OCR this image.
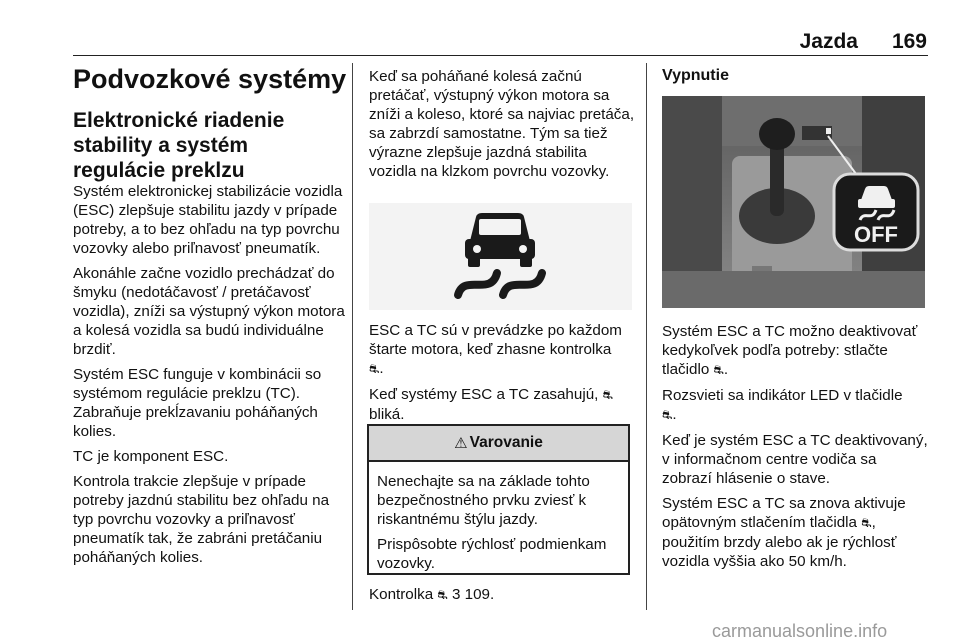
Jazda 169
Podvozkové systémy
Elektronické riadenie stability a systém regulácie preklzu

Systém elektronickej stabilizácie vozidla (ESC) zlepšuje stabilitu jazdy v prípade potreby, a to bez ohľadu na typ povrchu vozovky alebo priľnavosť pneumatík.

Akonáhle začne vozidlo prechádzať do šmyku (nedotáčavosť / pretáčavosť vozidla), zníži sa výstupný výkon motora a kolesá vozidla sa budú individuálne brzdiť.

Systém ESC funguje v kombinácii so systémom regulácie preklzu (TC). Zabraňuje prekĺzavaniu poháňaných kolies.

TC je komponent ESC.

Kontrola trakcie zlepšuje v prípade potreby jazdnú stabilitu bez ohľadu na typ povrchu vozovky a priľnavosť pneumatík tak, že zabráni pretáčaniu poháňaných kolies.

Keď sa poháňané kolesá začnú pretáčať, výstupný výkon motora sa zníži a koleso, ktoré sa najviac pretáča, sa zabrzdí samostatne. Tým sa tiež výrazne zlepšuje jazdná stabilita vozidla na klzkom povrchu vozovky.

ESC a TC sú v prevádzke po každom štarte motora, keď zhasne kontrolka
⛐.

Keď systémy ESC a TC zasahujú, ⛐
bliká.

⚠ Varovanie

Nenechajte sa na základe tohto bezpečnostného prvku zviesť k riskantnému štýlu jazdy.

Prispôsobte rýchlosť podmienkam vozovky.

Kontrolka ⛐ 3 109.
Vypnutie
OFF

Systém ESC a TC možno deaktivovať kedykoľvek podľa potreby: stlačte tlačidlo ⛐.

Rozsvieti sa indikátor LED v tlačidle
⛐.

Keď je systém ESC a TC deaktivovaný, v informačnom centre vodiča sa zobrazí hlásenie o stave.

Systém ESC a TC sa znova aktivuje opätovným stlačením tlačidla ⛐, použitím brzdy alebo ak je rýchlosť vozidla vyššia ako 50 km/h.

carmanualsonline.info
